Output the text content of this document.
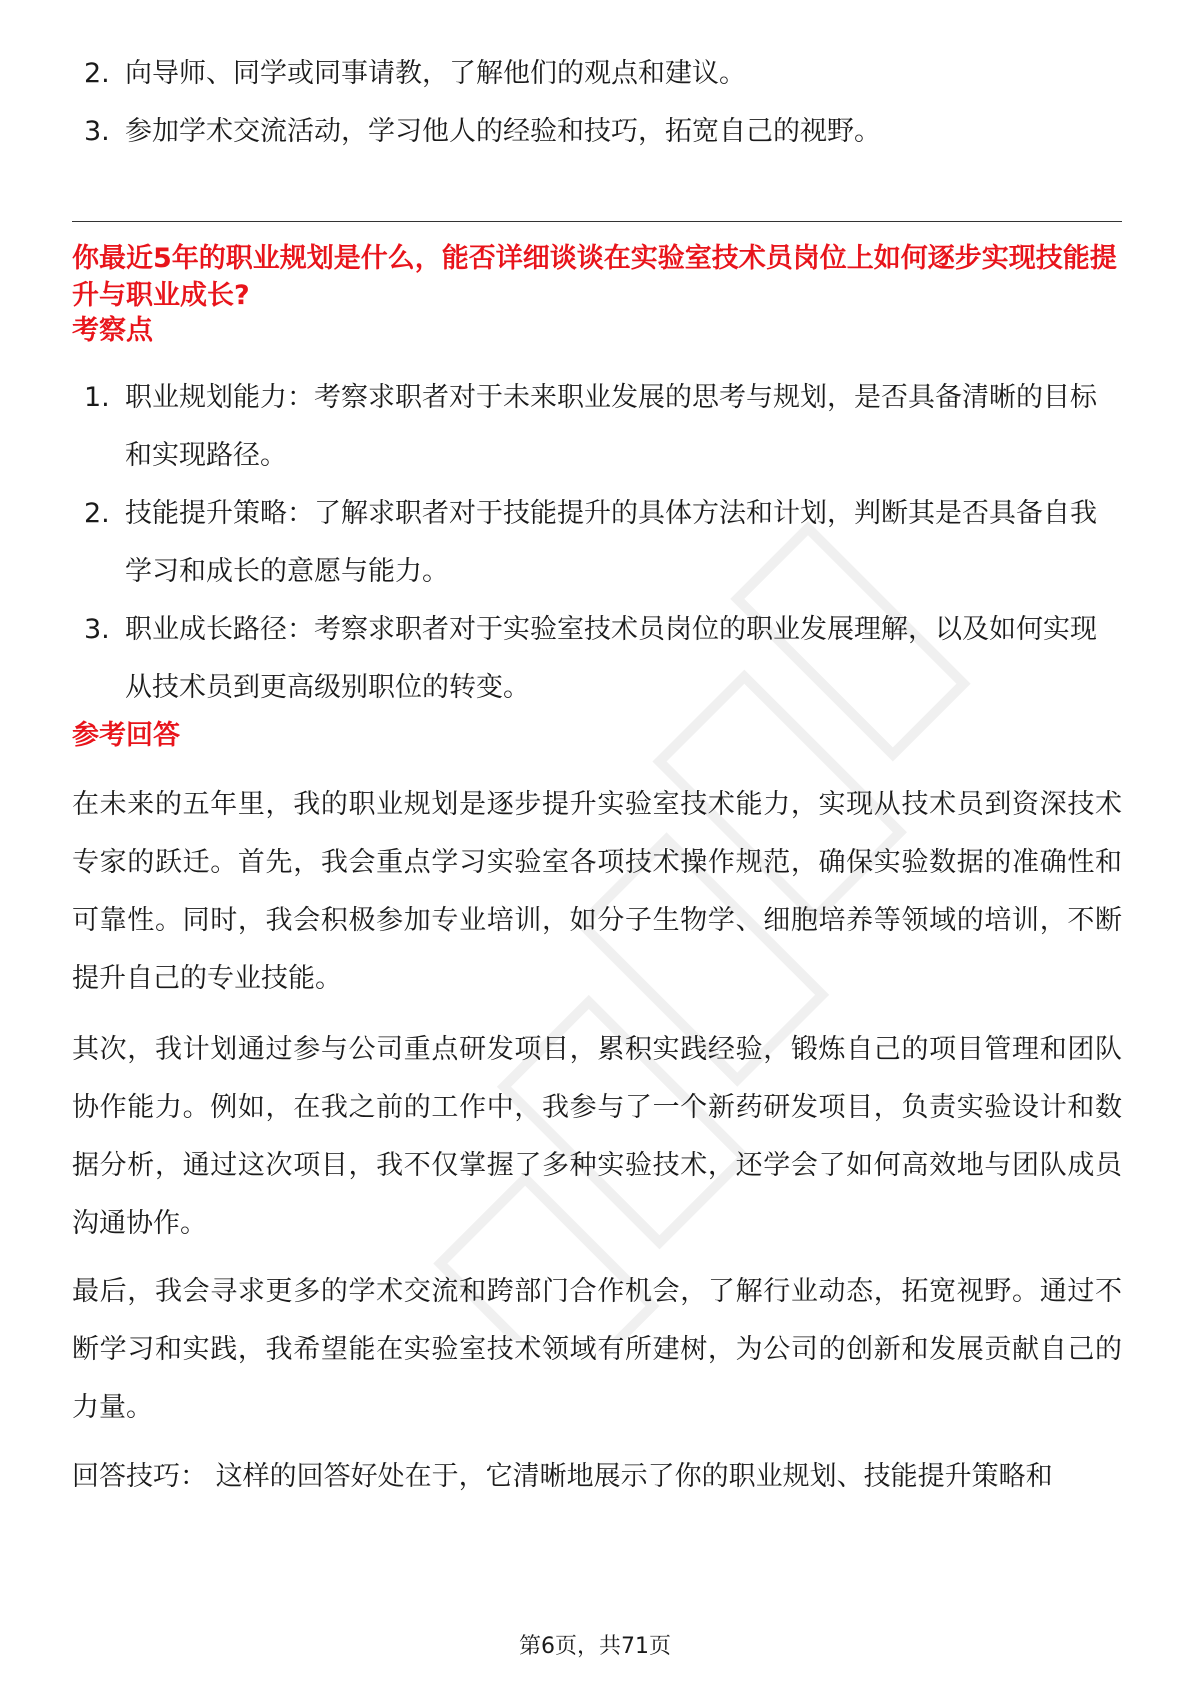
2. 向导师、同学或同事请教，了解他们的观点和建议。
3. 参加学术交流活动，学习他人的经验和技巧，拓宽自己的视野。
你最近5年的职业规划是什么，能否详细谈谈在实验室技术员岗位上如何逐步实现技能提升与职业成长?
考察点
1. 职业规划能力：考察求职者对于未来职业发展的思考与规划，是否具备清晰的目标和实现路径。
2. 技能提升策略：了解求职者对于技能提升的具体方法和计划，判断其是否具备自我学习和成长的意愿与能力。
3. 职业成长路径：考察求职者对于实验室技术员岗位的职业发展理解，以及如何实现从技术员到更高级别职位的转变。
参考回答

在未来的五年里，我的职业规划是逐步提升实验室技术能力，实现从技术员到资深技术专家的跃迁。首先，我会重点学习实验室各项技术操作规范，确保实验数据的准确性和可靠性。同时，我会积极参加专业培训，如分子生物学、细胞培养等领域的培训，不断提升自己的专业技能。

其次，我计划通过参与公司重点研发项目，累积实践经验，锻炼自己的项目管理和团队协作能力。例如，在我之前的工作中，我参与了一个新药研发项目，负责实验设计和数据分析，通过这次项目，我不仅掌握了多种实验技术，还学会了如何高效地与团队成员沟通协作。

最后，我会寻求更多的学术交流和跨部门合作机会，了解行业动态，拓宽视野。通过不断学习和实践，我希望能在实验室技术领域有所建树，为公司的创新和发展贡献自己的力量。

回答技巧： 这样的回答好处在于，它清晰地展示了你的职业规划、技能提升策略和

第6页，共71页
